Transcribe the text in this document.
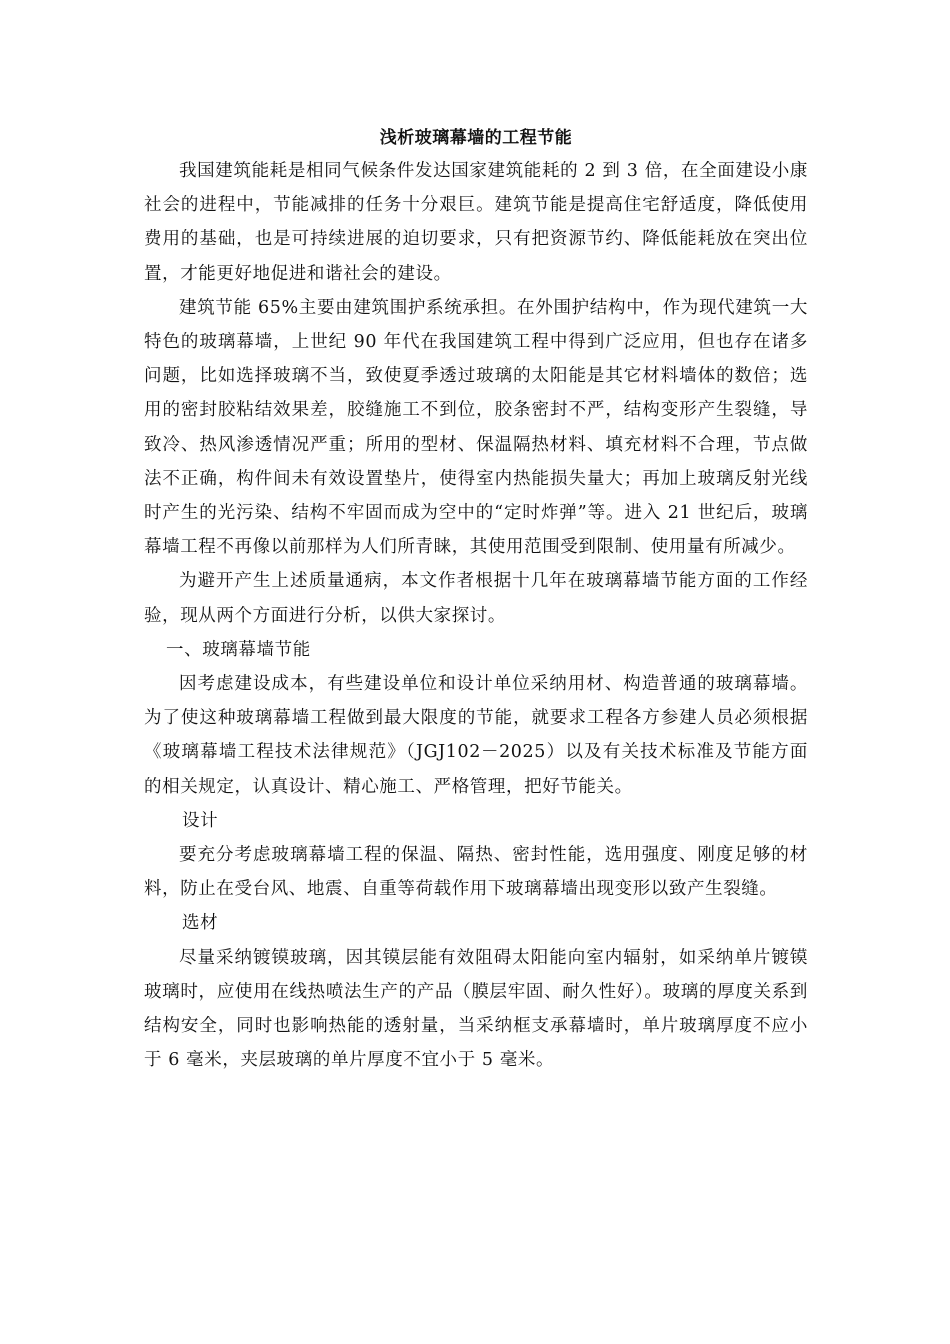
浅析玻璃幕墙的工程节能

我国建筑能耗是相同气候条件发达国家建筑能耗的 2 到 3 倍，在全面建设小康社会的进程中，节能减排的任务十分艰巨。建筑节能是提高住宅舒适度，降低使用费用的基础，也是可持续进展的迫切要求，只有把资源节约、降低能耗放在突出位置，才能更好地促进和谐社会的建设。

建筑节能 65%主要由建筑围护系统承担。在外围护结构中，作为现代建筑一大特色的玻璃幕墙，上世纪 90 年代在我国建筑工程中得到广泛应用，但也存在诸多问题，比如选择玻璃不当，致使夏季透过玻璃的太阳能是其它材料墙体的数倍；选用的密封胶粘结效果差，胶缝施工不到位，胶条密封不严，结构变形产生裂缝，导致冷、热风渗透情况严重；所用的型材、保温隔热材料、填充材料不合理，节点做法不正确，构件间未有效设置垫片，使得室内热能损失量大；再加上玻璃反射光线时产生的光污染、结构不牢固而成为空中的“定时炸弹”等。进入 21 世纪后，玻璃幕墙工程不再像以前那样为人们所青睐，其使用范围受到限制、使用量有所减少。

为避开产生上述质量通病，本文作者根据十几年在玻璃幕墙节能方面的工作经验，现从两个方面进行分析，以供大家探讨。

一、玻璃幕墙节能

因考虑建设成本，有些建设单位和设计单位采纳用材、构造普通的玻璃幕墙。为了使这种玻璃幕墙工程做到最大限度的节能，就要求工程各方参建人员必须根据《玻璃幕墙工程技术法律规范》（JGJ102－2025）以及有关技术标准及节能方面的相关规定，认真设计、精心施工、严格管理，把好节能关。

设计

要充分考虑玻璃幕墙工程的保温、隔热、密封性能，选用强度、刚度足够的材料，防止在受台风、地震、自重等荷载作用下玻璃幕墙出现变形以致产生裂缝。

选材

尽量采纳镀镆玻璃，因其镆层能有效阻碍太阳能向室内辐射，如采纳单片镀镆玻璃时，应使用在线热喷法生产的产品（膜层牢固、耐久性好）。玻璃的厚度关系到结构安全，同时也影响热能的透射量，当采纳框支承幕墙时，单片玻璃厚度不应小于 6 毫米，夹层玻璃的单片厚度不宜小于 5 毫米。
